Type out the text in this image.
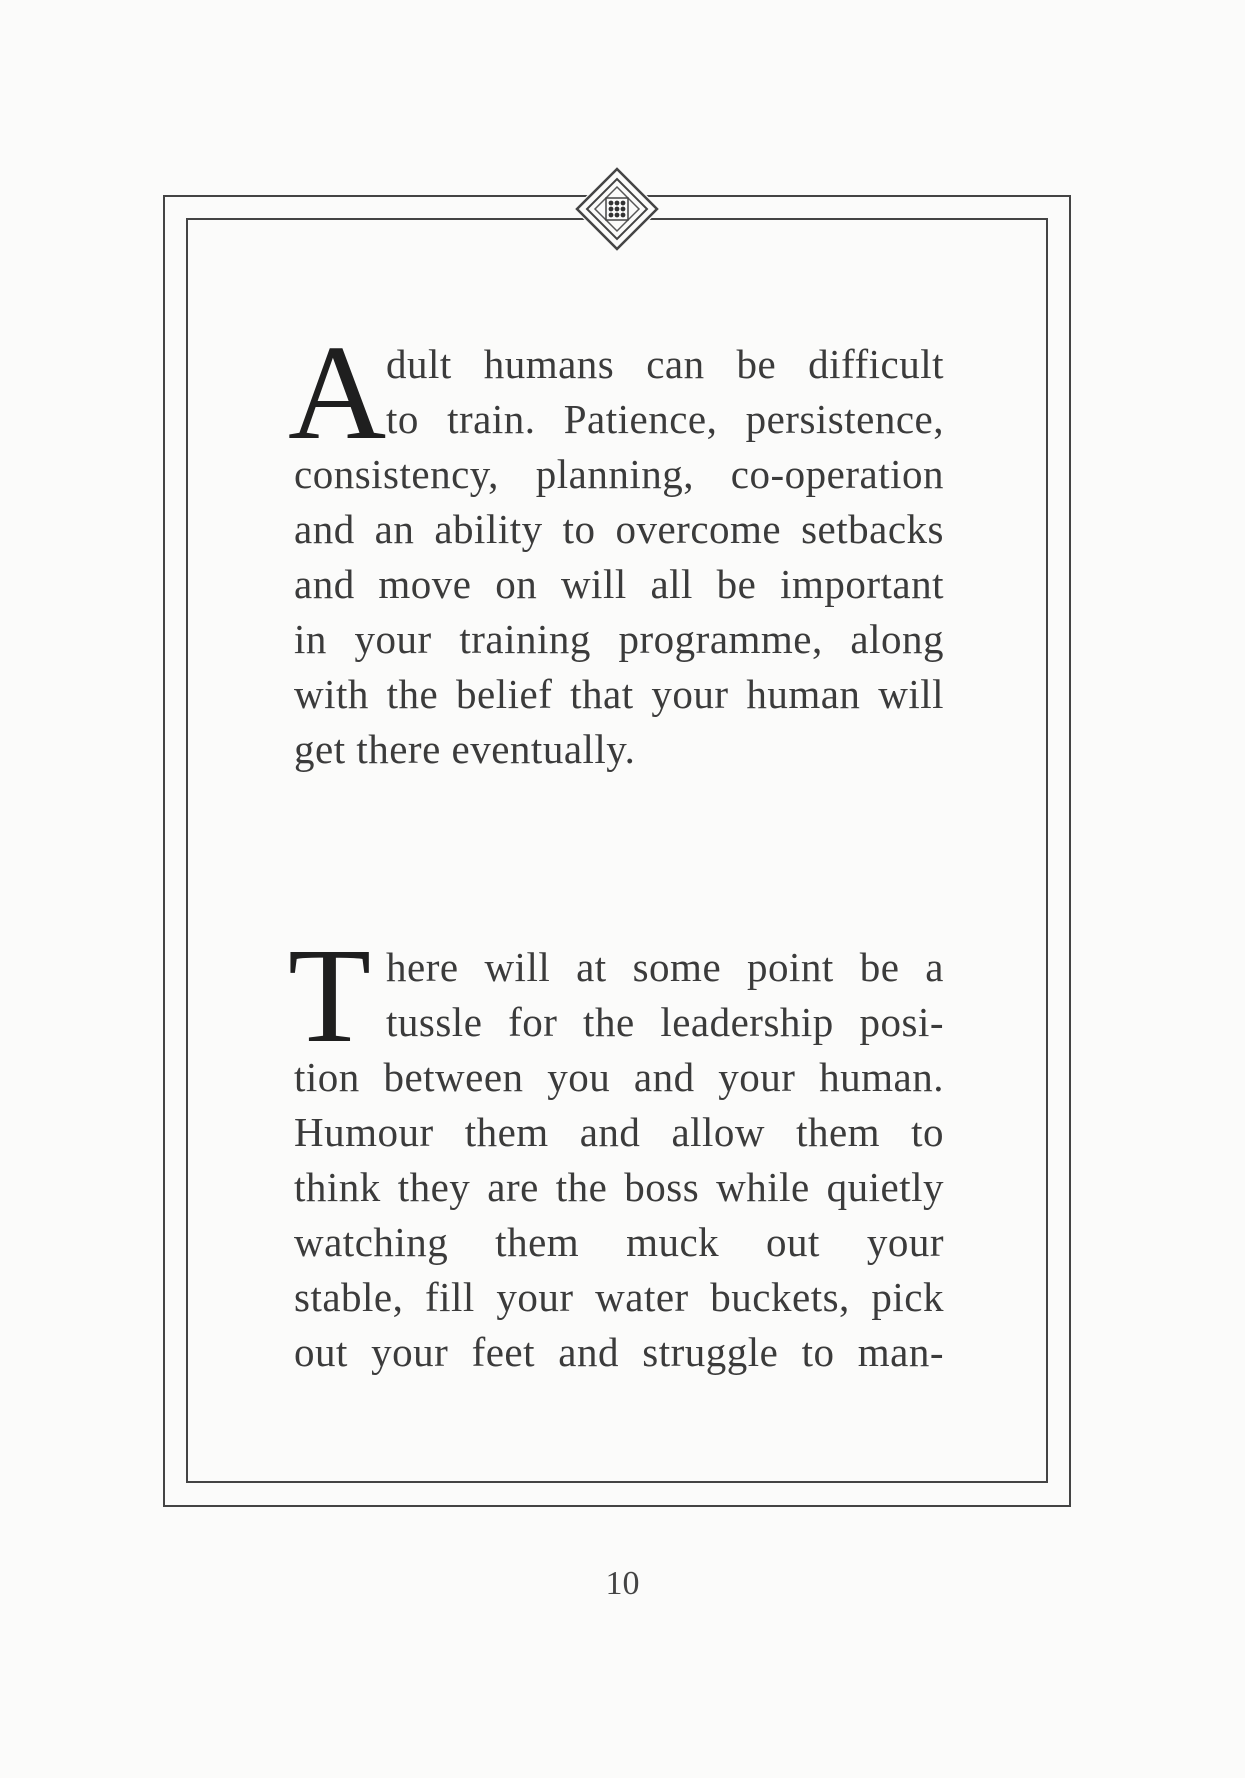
A dult humans can be difficult
to train. Patience, persistence,
consistency, planning, co-operation
and an ability to overcome setbacks
and move on will all be important
in your training programme, along
with the belief that your human will
get there eventually.
T here will at some point be a
tussle for the leadership posi-
tion between you and your human.
Humour them and allow them to
think they are the boss while quietly
watching them muck out your
stable, fill your water buckets, pick
out your feet and struggle to man-
10
